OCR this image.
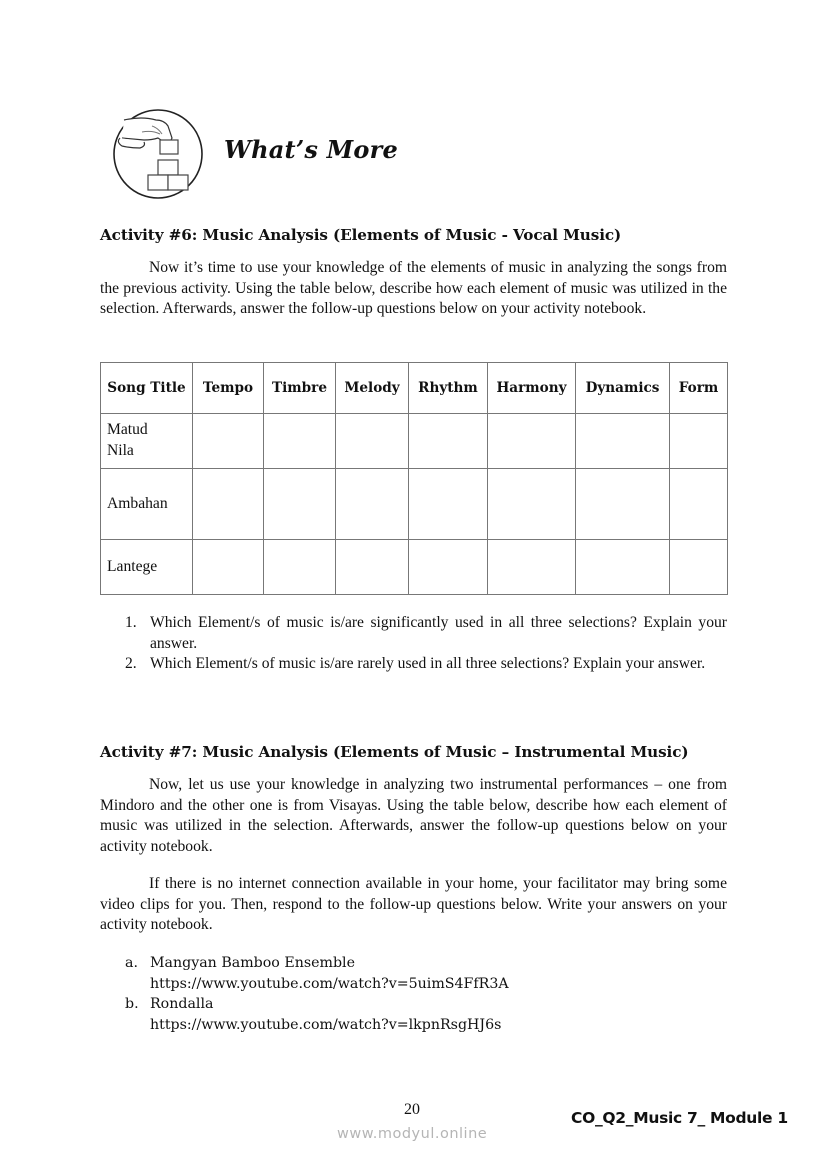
What’s More
Activity #6: Music Analysis (Elements of Music - Vocal Music)
Now it’s time to use your knowledge of the elements of music in analyzing the songs from the previous activity. Using the table below, describe how each element of music was utilized in the selection. Afterwards, answer the follow-up questions below on your activity notebook.
Song Title	Tempo	Timbre	Melody	Rhythm	Harmony	Dynamics	Form
Matud Nila							
Ambahan							
Lantege							
1. Which Element/s of music is/are significantly used in all three selections? Explain your answer.
2. Which Element/s of music is/are rarely used in all three selections? Explain your answer.
Activity #7: Music Analysis (Elements of Music – Instrumental Music)
Now, let us use your knowledge in analyzing two instrumental performances – one from Mindoro and the other one is from Visayas. Using the table below, describe how each element of music was utilized in the selection. Afterwards, answer the follow-up questions below on your activity notebook.
If there is no internet connection available in your home, your facilitator may bring some video clips for you. Then, respond to the follow-up questions below. Write your answers on your activity notebook.
a. Mangyan Bamboo Ensemble
https://www.youtube.com/watch?v=5uimS4FfR3A
b. Rondalla
https://www.youtube.com/watch?v=lkpnRsgHJ6s
20
www.modyul.online
CO_Q2_Music 7_ Module 1
